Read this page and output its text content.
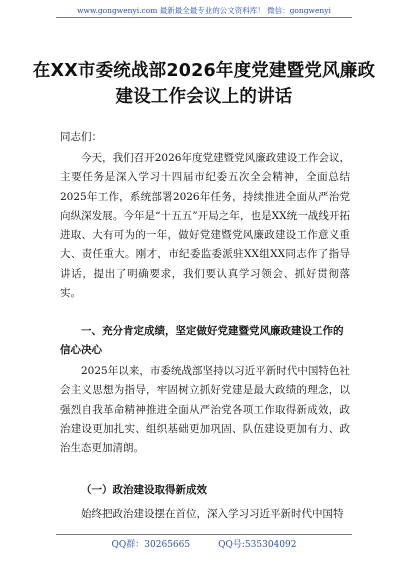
www.gongwenyi.com 最新最全最专业的公文资料库！ 微信：gongwenyi
在XX市委统战部2026年度党建暨党风廉政建设工作会议上的讲话
同志们：
今天，我们召开2026年度党建暨党风廉政建设工作会议，主要任务是深入学习十四届市纪委五次全会精神，全面总结2025年工作，系统部署2026年任务，持续推进全面从严治党向纵深发展。今年是“十五五”开局之年，也是XX统一战线开拓进取、大有可为的一年，做好党建暨党风廉政建设工作意义重大、责任重大。刚才，市纪委监委派驻XX组XX同志作了指导讲话，提出了明确要求，我们要认真学习领会、抓好贯彻落实。
一、充分肯定成绩，坚定做好党建暨党风廉政建设工作的信心决心
2025年以来，市委统战部坚持以习近平新时代中国特色社会主义思想为指导，牢固树立抓好党建是最大政绩的理念，以强烈自我革命精神推进全面从严治党各项工作取得新成效，政治建设更加扎实、组织基础更加巩固、队伍建设更加有力、政治生态更加清朗。
（一）政治建设取得新成效
始终把政治建设摆在首位，深入学习习近平新时代中国特
QQ群：30265665	QQ号:535304092
